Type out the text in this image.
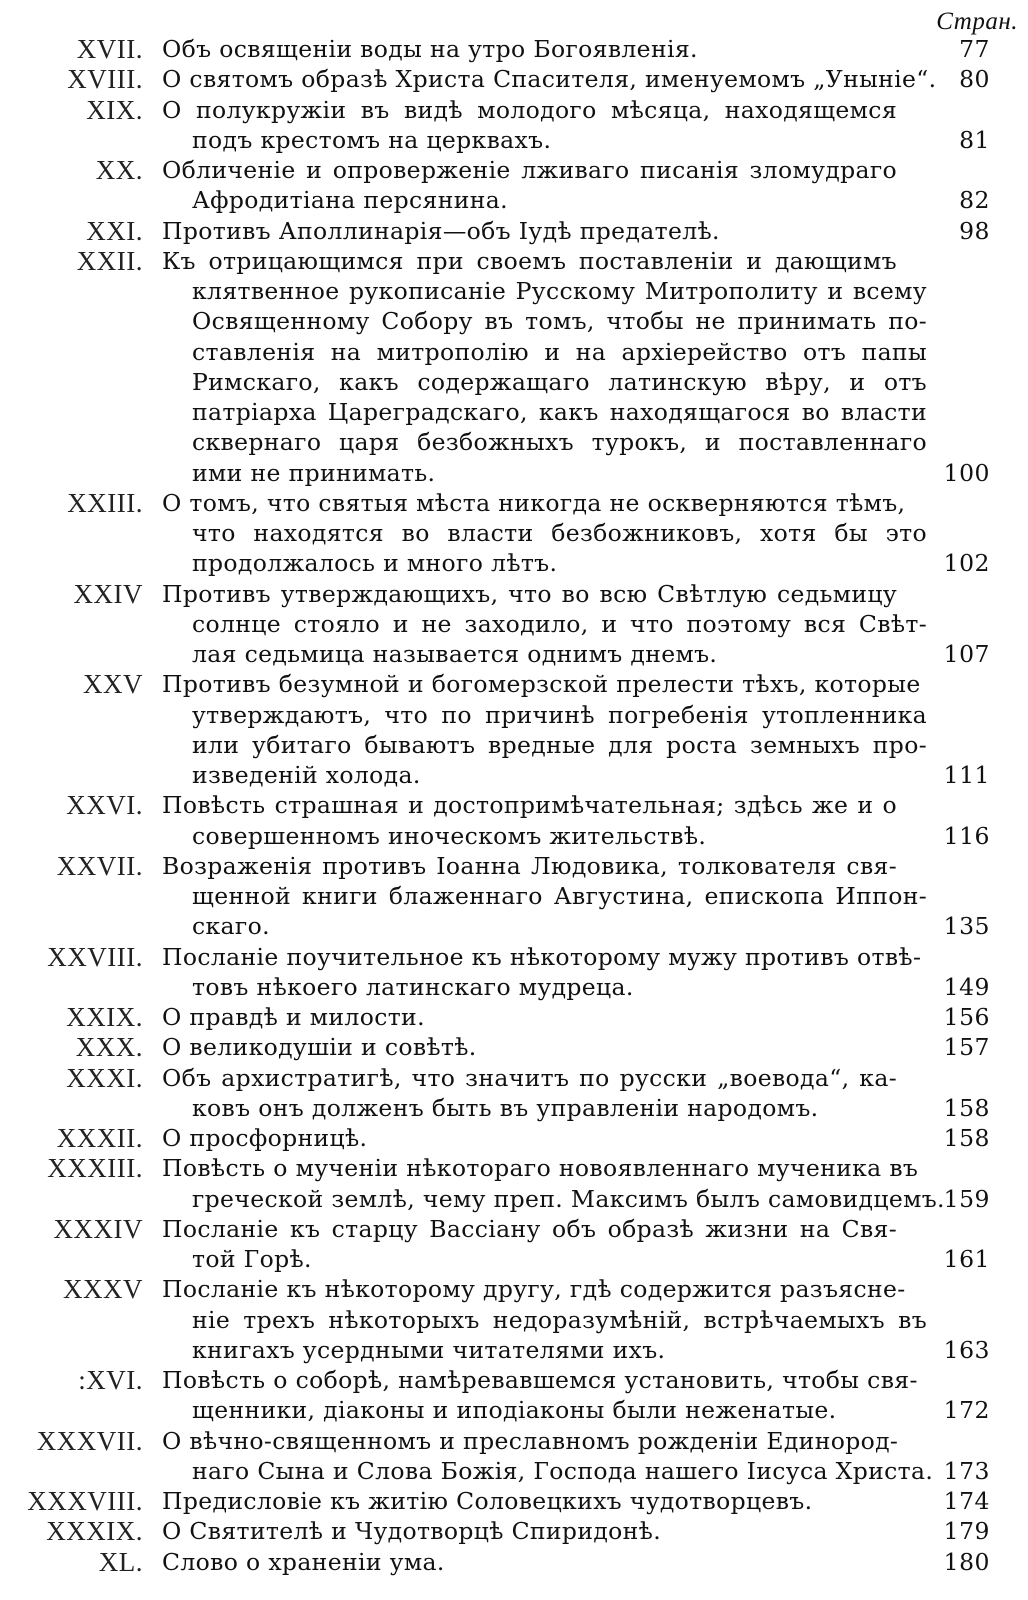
Стран.
XVII. Объ освященіи воды на утро Богоявленія.	77
XVIII. О святомъ образѣ Христа Спасителя, именуемомъ „Уныніе“. 80
XIX. О полукружіи въ видѣ молодого мѣсяца, находящемся
подъ крестомъ на церквахъ.	81
XX. Обличеніе и опроверженіе лживаго писанія зломудраго
Афродитіана персянина.	82
XXI. Противъ Аполлинарія—объ Іудѣ предателѣ.	98
XXII. Къ отрицающимся при своемъ поставленіи и дающимъ
клятвенное рукописаніе Русскому Митрополиту и всему
Освященному Собору въ томъ, чтобы не принимать по-
ставленія на митрополію и на архіерейство отъ папы
Римскаго, какъ содержащаго латинскую вѣру, и отъ
патріарха Цареградскаго, какъ находящагося во власти
сквернаго царя безбожныхъ турокъ, и поставленнаго
ими не принимать.	100
XXIII. О томъ, что святыя мѣста никогда не оскверняются тѣмъ,
что находятся во власти безбожниковъ, хотя бы это
продолжалось и много лѣтъ.	102
XXIV Противъ утверждающихъ, что во всю Свѣтлую седьмицу
солнце стояло и не заходило, и что поэтому вся Свѣт-
лая седьмица называется однимъ днемъ.	107
XXV Противъ безумной и богомерзской прелести тѣхъ, которые
утверждаютъ, что по причинѣ погребенія утопленника
или убитаго бываютъ вредные для роста земныхъ про-
изведеній холода.	111
XXVI. Повѣсть страшная и достопримѣчательная; здѣсь же и о
совершенномъ иноческомъ жительствѣ.	116
XXVII. Возраженія противъ Іоанна Людовика, толкователя свя-
щенной книги блаженнаго Августина, епископа Иппон-
скаго.	135
XXVIII. Посланіе поучительное къ нѣкоторому мужу противъ отвѣ-
товъ нѣкоего латинскаго мудреца.	149
XXIX. О правдѣ и милости.	156
XXX. О великодушіи и совѣтѣ.	157
XXXI. Объ архистратигѣ, что значитъ по русски „воевода“, ка-
ковъ онъ долженъ быть въ управленіи народомъ.	158
XXXII. О просфорницѣ.	158
XXXIII. Повѣсть о мученіи нѣкотораго новоявленнаго мученика въ
греческой землѣ, чему преп. Максимъ былъ самовидцемъ.
159
XXXIV Посланіе къ старцу Вассіану объ образѣ жизни на Свя-
той Горѣ.	161
XXXV Посланіе къ нѣкоторому другу, гдѣ содержится разъясне-
ніе трехъ нѣкоторыхъ недоразумѣній, встрѣчаемыхъ въ
книгахъ усердными читателями ихъ.	163
:XVI. Повѣсть о соборѣ, намѣревавшемся установить, чтобы свя-
щенники, діаконы и иподіаконы были неженатые.	172
XXXVII. О вѣчно-священномъ и преславномъ рожденіи Единород-
наго Сына и Слова Божія, Господа нашего Іисуса Христа. 173
XXXVIII. Предисловіе къ житію Соловецкихъ чудотворцевъ.	174
XXXIX. О Святителѣ и Чудотворцѣ Спиридонѣ.	179
XL. Слово о храненіи ума.	180
